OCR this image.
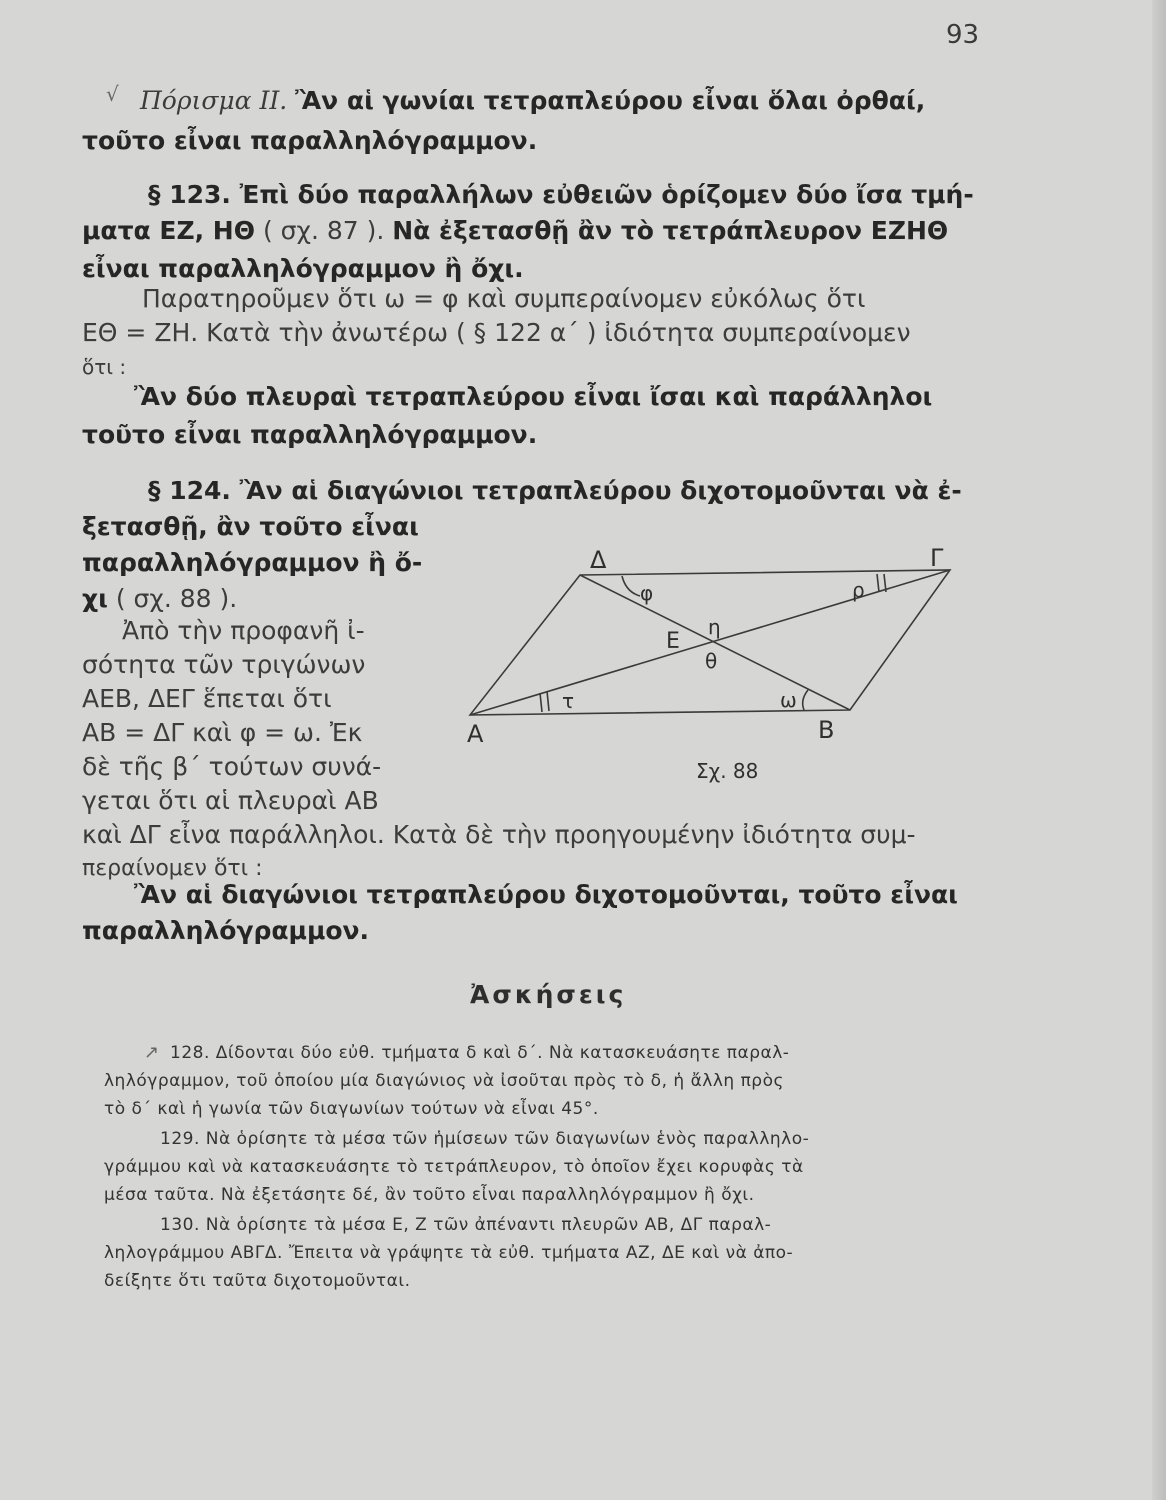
93
√ Πόρισμα ΙΙ. Ἂν αἱ γωνίαι τετραπλεύρου εἶναι ὅλαι ὀρθαί,
τοῦτο εἶναι παραλληλόγραμμον.
§ 123. Ἐπὶ δύο παραλλήλων εὐθειῶν ὁρίζομεν δύο ἴσα τμή-
ματα ΕΖ, ΗΘ ( σχ. 87 ). Νὰ ἐξετασθῇ ἂν τὸ τετράπλευρον ΕΖΗΘ
εἶναι παραλληλόγραμμον ἢ ὄχι.
Παρατηροῦμεν ὅτι ω = φ καὶ συμπεραίνομεν εὐκόλως ὅτι
ΕΘ = ΖΗ. Κατὰ τὴν ἀνωτέρω ( § 122 α΄ ) ἰδιότητα συμπεραίνομεν
ὅτι :
Ἂν δύο πλευραὶ τετραπλεύρου εἶναι ἴσαι καὶ παράλληλοι
τοῦτο εἶναι παραλληλόγραμμον.
§ 124. Ἂν αἱ διαγώνιοι τετραπλεύρου διχοτομοῦνται νὰ ἐ-
ξετασθῇ, ἂν τοῦτο εἶναι
παραλληλόγραμμον ἢ ὄ-
χι ( σχ. 88 ).
Ἀπὸ τὴν προφανῆ ἰ-
σότητα τῶν τριγώνων
ΑΕΒ, ΔΕΓ ἕπεται ὅτι
ΑΒ = ΔΓ καὶ φ = ω. Ἐκ
δὲ τῆς β΄ τούτων συνά-
γεται ὅτι αἱ πλευραὶ ΑΒ
καὶ ΔΓ εἶνα παράλληλοι. Κατὰ δὲ τὴν προηγουμένην ἰδιότητα συμ-
περαίνομεν ὅτι :
Ἂν αἱ διαγώνιοι τετραπλεύρου διχοτομοῦνται, τοῦτο εἶναι
παραλληλόγραμμον.
Δ	Γ
Α	Β
Ε
φ	ρ
τ	ω
η
θ
Σχ. 88
Ἀσκήσεις
↗ 128. Δίδονται δύο εὐθ. τμήματα δ καὶ δ΄. Νὰ κατασκευάσητε παραλ-
ληλόγραμμον, τοῦ ὁποίου μία διαγώνιος νὰ ἰσοῦται πρὸς τὸ δ, ἡ ἄλλη πρὸς
τὸ δ΄ καὶ ἡ γωνία τῶν διαγωνίων τούτων νὰ εἶναι 45°.
129. Νὰ ὁρίσητε τὰ μέσα τῶν ἡμίσεων τῶν διαγωνίων ἑνὸς παραλληλο-
γράμμου καὶ νὰ κατασκευάσητε τὸ τετράπλευρον, τὸ ὁποῖον ἔχει κορυφὰς τὰ
μέσα ταῦτα. Νὰ ἐξετάσητε δέ, ἂν τοῦτο εἶναι παραλληλόγραμμον ἢ ὄχι.
130. Νὰ ὁρίσητε τὰ μέσα Ε, Ζ τῶν ἀπέναντι πλευρῶν ΑΒ, ΔΓ παραλ-
ληλογράμμου ΑΒΓΔ. Ἔπειτα νὰ γράψητε τὰ εὐθ. τμήματα ΑΖ, ΔΕ καὶ νὰ ἀπο-
δείξητε ὅτι ταῦτα διχοτομοῦνται.
